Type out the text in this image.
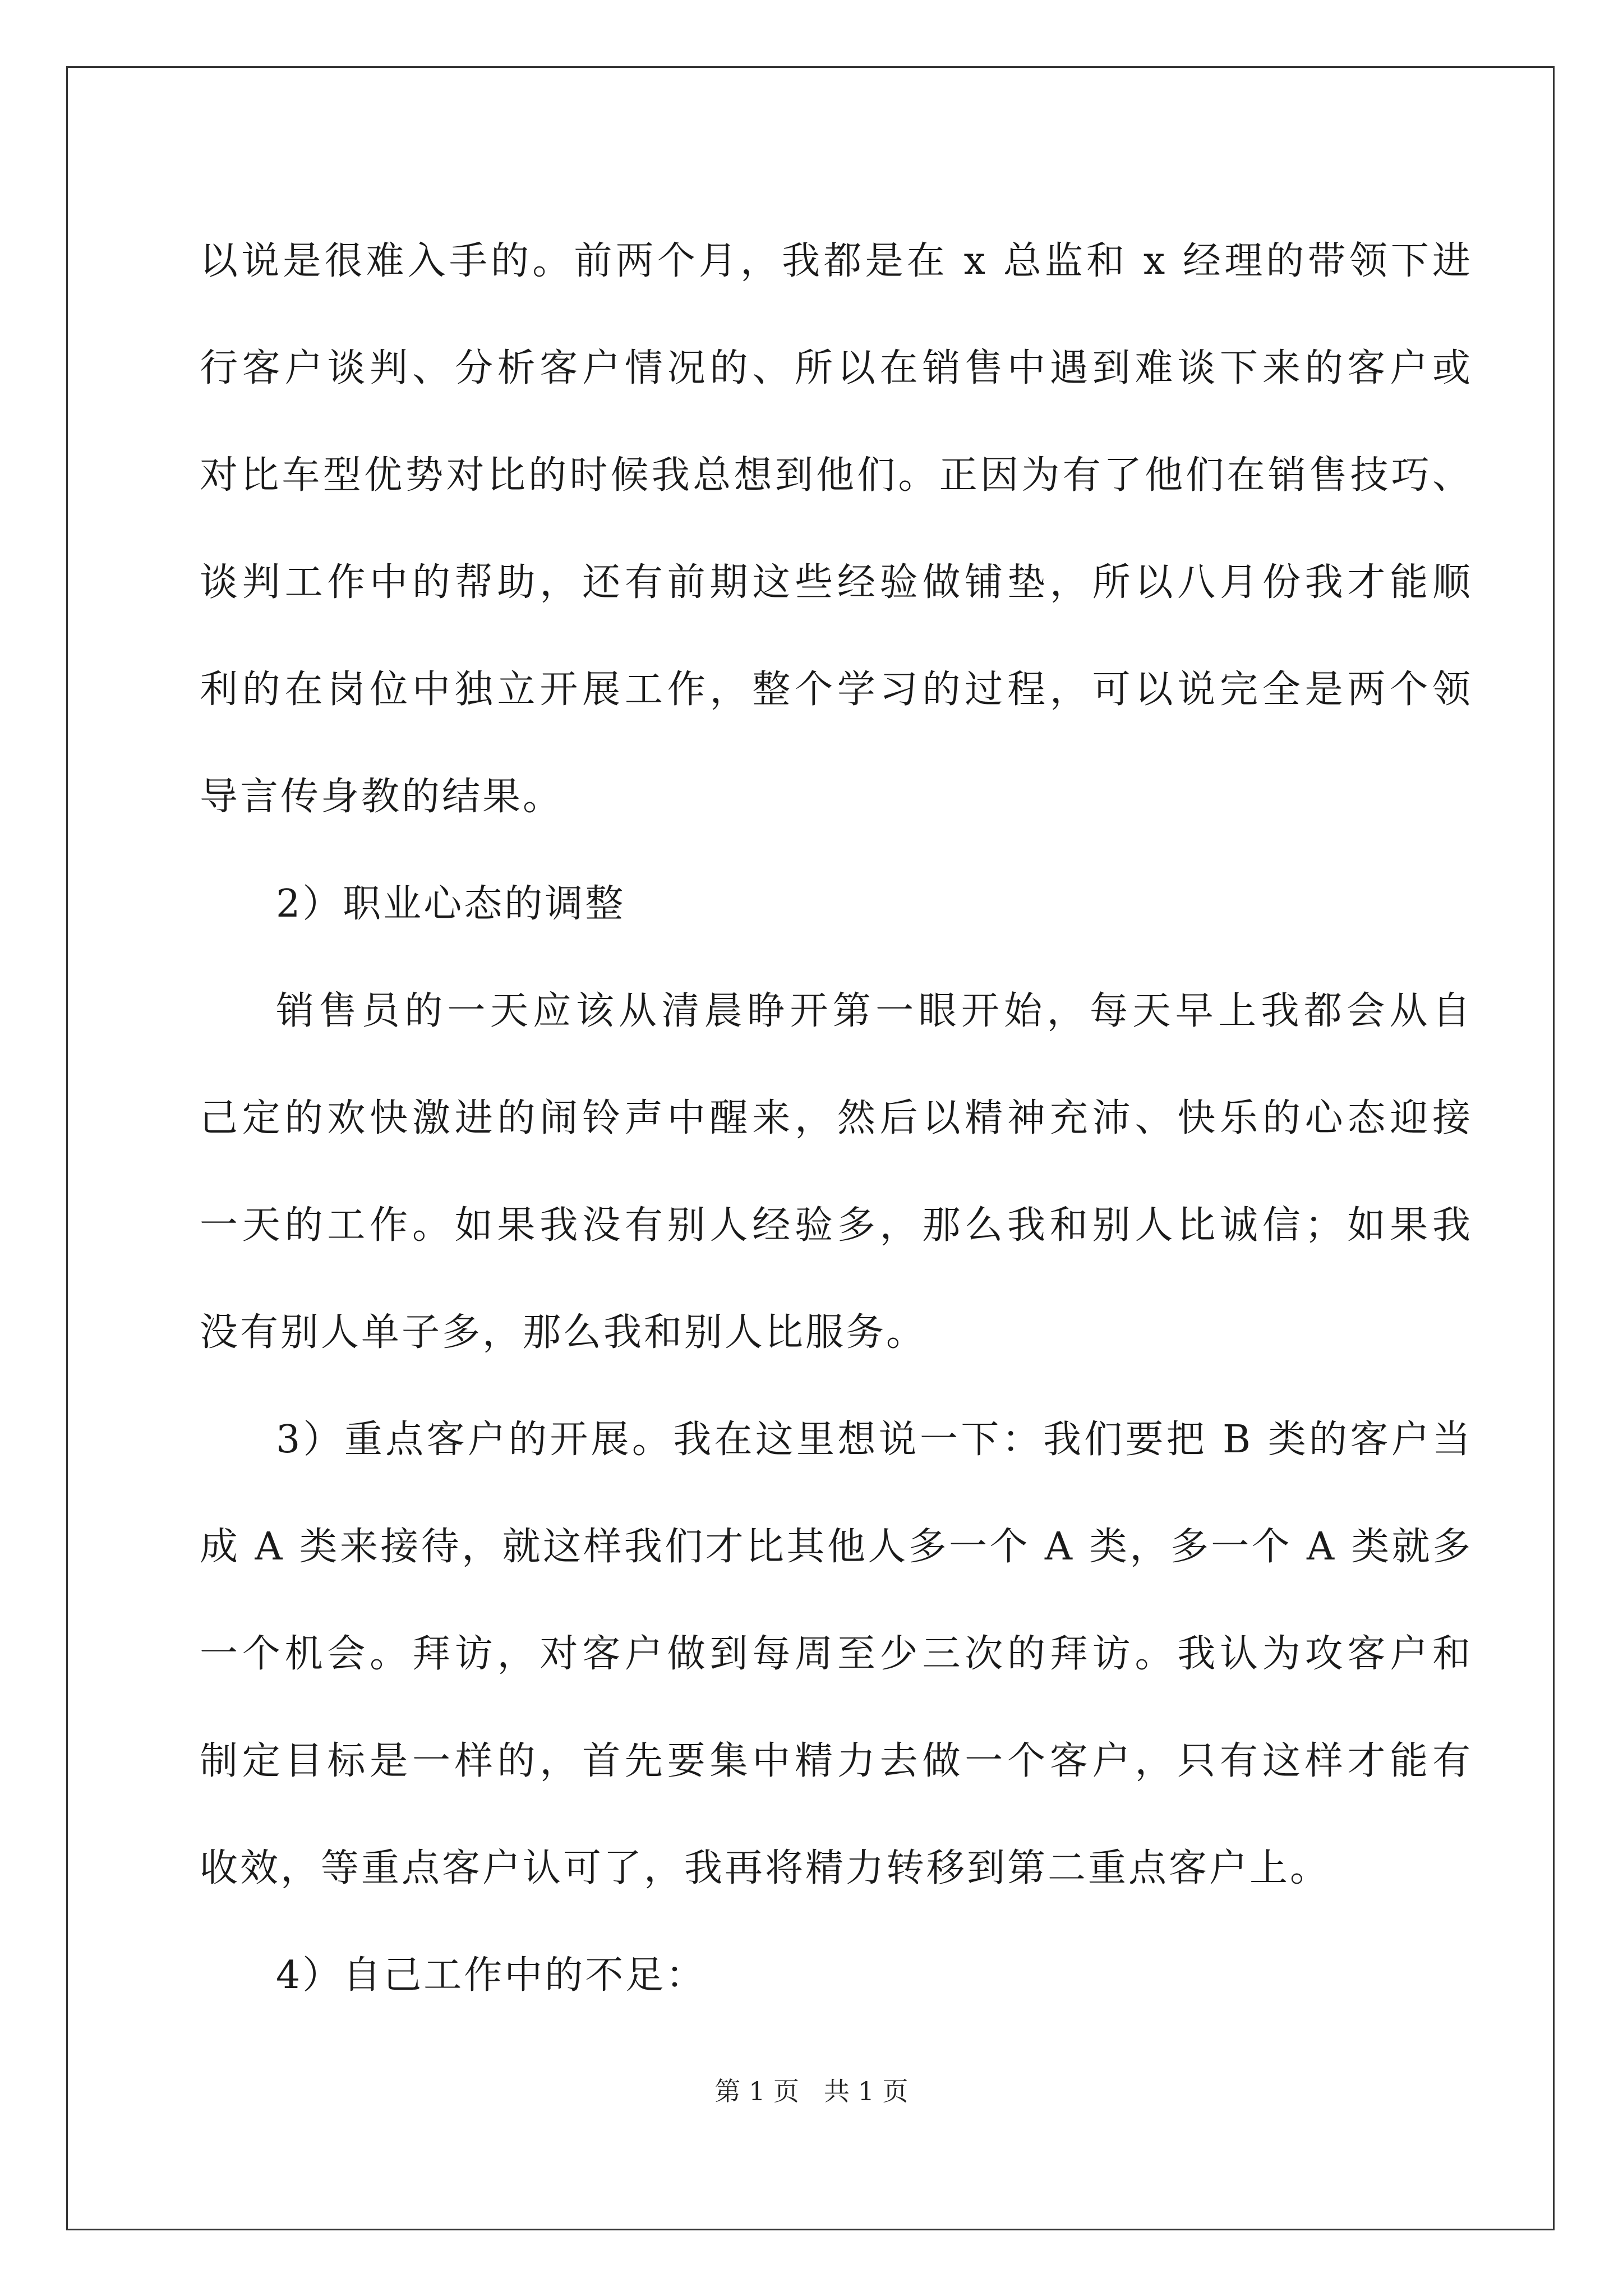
以说是很难入手的。前两个月，我都是在 x 总监和 x 经理的带领下进
行客户谈判、分析客户情况的、所以在销售中遇到难谈下来的客户或
对比车型优势对比的时候我总想到他们。正因为有了他们在销售技巧、
谈判工作中的帮助，还有前期这些经验做铺垫，所以八月份我才能顺
利的在岗位中独立开展工作，整个学习的过程，可以说完全是两个领
导言传身教的结果。
2）职业心态的调整
销售员的一天应该从清晨睁开第一眼开始，每天早上我都会从自
己定的欢快激进的闹铃声中醒来，然后以精神充沛、快乐的心态迎接
一天的工作。如果我没有别人经验多，那么我和别人比诚信；如果我
没有别人单子多，那么我和别人比服务。
3）重点客户的开展。我在这里想说一下：我们要把 B 类的客户当
成 A 类来接待，就这样我们才比其他人多一个 A 类，多一个 A 类就多
一个机会。拜访，对客户做到每周至少三次的拜访。我认为攻客户和
制定目标是一样的，首先要集中精力去做一个客户，只有这样才能有
收效，等重点客户认可了，我再将精力转移到第二重点客户上。
4）自己工作中的不足：
第 1 页 共 1 页
